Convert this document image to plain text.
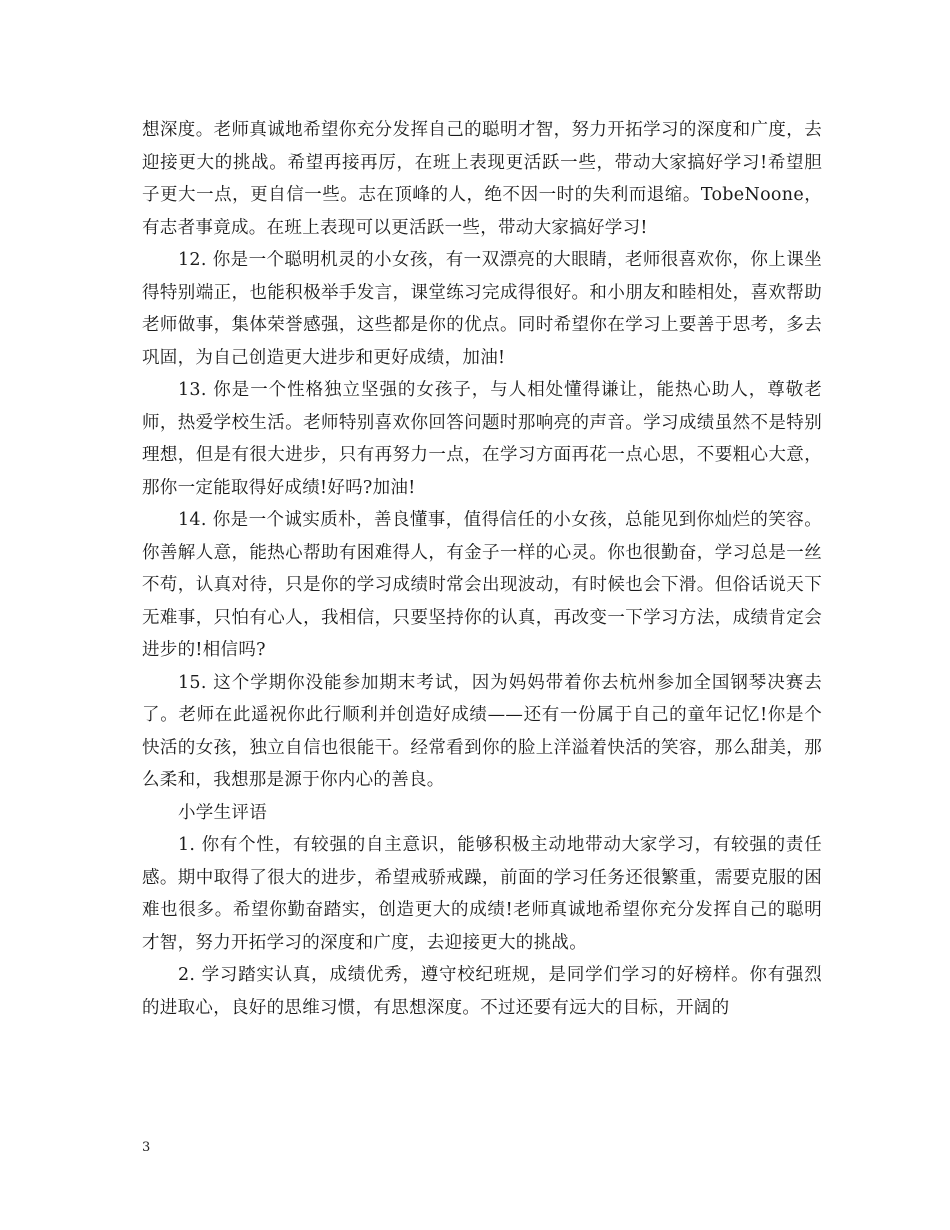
想深度。老师真诚地希望你充分发挥自己的聪明才智，努力开拓学习的深度和广度，去迎接更大的挑战。希望再接再厉，在班上表现更活跃一些，带动大家搞好学习!希望胆子更大一点，更自信一些。志在顶峰的人，绝不因一时的失利而退缩。TobeNoone，有志者事竟成。在班上表现可以更活跃一些，带动大家搞好学习!

12. 你是一个聪明机灵的小女孩，有一双漂亮的大眼睛，老师很喜欢你，你上课坐得特别端正，也能积极举手发言，课堂练习完成得很好。和小朋友和睦相处，喜欢帮助老师做事，集体荣誉感强，这些都是你的优点。同时希望你在学习上要善于思考，多去巩固，为自己创造更大进步和更好成绩，加油!

13. 你是一个性格独立坚强的女孩子，与人相处懂得谦让，能热心助人，尊敬老师，热爱学校生活。老师特别喜欢你回答问题时那响亮的声音。学习成绩虽然不是特别理想，但是有很大进步，只有再努力一点，在学习方面再花一点心思，不要粗心大意，那你一定能取得好成绩!好吗?加油!

14. 你是一个诚实质朴，善良懂事，值得信任的小女孩，总能见到你灿烂的笑容。你善解人意，能热心帮助有困难得人，有金子一样的心灵。你也很勤奋，学习总是一丝不苟，认真对待，只是你的学习成绩时常会出现波动，有时候也会下滑。但俗话说天下无难事，只怕有心人，我相信，只要坚持你的认真，再改变一下学习方法，成绩肯定会进步的!相信吗?

15. 这个学期你没能参加期末考试，因为妈妈带着你去杭州参加全国钢琴决赛去了。老师在此遥祝你此行顺利并创造好成绩——还有一份属于自己的童年记忆!你是个快活的女孩，独立自信也很能干。经常看到你的脸上洋溢着快活的笑容，那么甜美，那么柔和，我想那是源于你内心的善良。

小学生评语

1. 你有个性，有较强的自主意识，能够积极主动地带动大家学习，有较强的责任感。期中取得了很大的进步，希望戒骄戒躁，前面的学习任务还很繁重，需要克服的困难也很多。希望你勤奋踏实，创造更大的成绩!老师真诚地希望你充分发挥自己的聪明才智，努力开拓学习的深度和广度，去迎接更大的挑战。

2. 学习踏实认真，成绩优秀，遵守校纪班规，是同学们学习的好榜样。你有强烈的进取心，良好的思维习惯，有思想深度。不过还要有远大的目标，开阔的

3
